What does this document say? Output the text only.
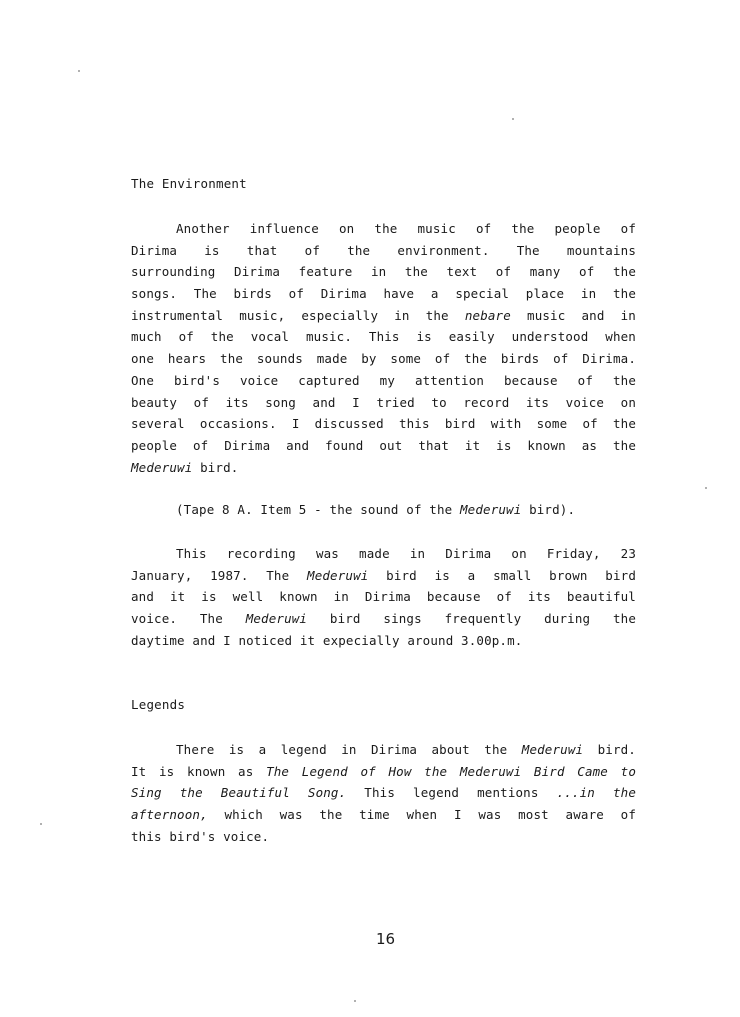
The Environment
Another influence on the music of the people of
Dirima is that of the environment. The mountains
surrounding Dirima feature in the text of many of the
songs. The birds of Dirima have a special place in the
instrumental music, especially in the nebare music and in
much of the vocal music. This is easily understood when
one hears the sounds made by some of the birds of Dirima.
One bird's voice captured my attention because of the
beauty of its song and I tried to record its voice on
several occasions. I discussed this bird with some of the
people of Dirima and found out that it is known as the
Mederuwi bird.
(Tape 8 A. Item 5 - the sound of the Mederuwi bird).
This recording was made in Dirima on Friday, 23
January, 1987. The Mederuwi bird is a small brown bird
and it is well known in Dirima because of its beautiful
voice. The Mederuwi bird sings frequently during the
daytime and I noticed it expecially around 3.00p.m.
Legends
There is a legend in Dirima about the Mederuwi bird.
It is known as The Legend of How the Mederuwi Bird Came to
Sing the Beautiful Song. This legend mentions ...in the
afternoon, which was the time when I was most aware of
this bird's voice.
16
